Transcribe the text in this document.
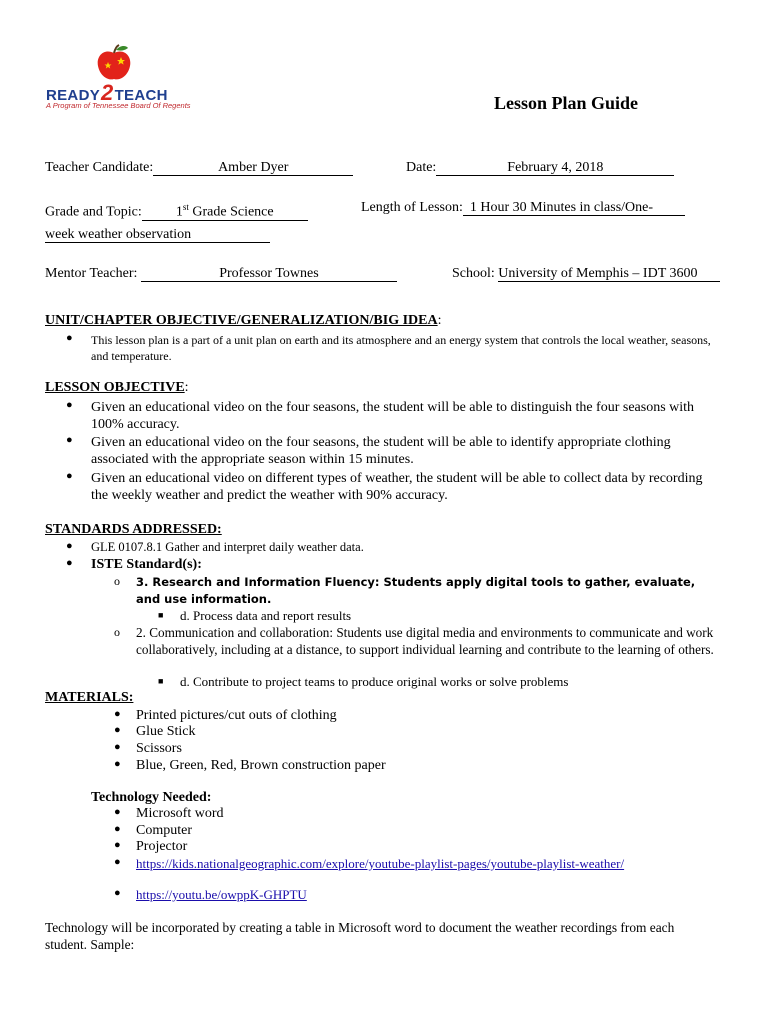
READY2TEACH
A Program of Tennessee Board Of Regents	Lesson Plan Guide
Teacher Candidate:	Amber Dyer	Date:	February 4, 2018
Grade and Topic: 1st Grade Science	Length of Lesson: 1 Hour 30 Minutes in class/One-
week weather observation
Mentor Teacher:	Professor Townes	School: University of Memphis – IDT 3600
UNIT/CHAPTER OBJECTIVE/GENERALIZATION/BIG IDEA:
● This lesson plan is a part of a unit plan on earth and its atmosphere and an energy system that controls the local weather, seasons, and temperature.
LESSON OBJECTIVE:
● Given an educational video on the four seasons, the student will be able to distinguish the four seasons with 100% accuracy.
● Given an educational video on the four seasons, the student will be able to identify appropriate clothing associated with the appropriate season within 15 minutes.
● Given an educational video on different types of weather, the student will be able to collect data by recording the weekly weather and predict the weather with 90% accuracy.
STANDARDS ADDRESSED:
● GLE 0107.8.1 Gather and interpret daily weather data.
● ISTE Standard(s):
o 3. Research and Information Fluency: Students apply digital tools to gather, evaluate, and use information.
■ d. Process data and report results
o 2. Communication and collaboration: Students use digital media and environments to communicate and work collaboratively, including at a distance, to support individual learning and contribute to the learning of others.
■ d. Contribute to project teams to produce original works or solve problems
MATERIALS:
● Printed pictures/cut outs of clothing
● Glue Stick
● Scissors
● Blue, Green, Red, Brown construction paper
Technology Needed:
● Microsoft word
● Computer
● Projector
● https://kids.nationalgeographic.com/explore/youtube-playlist-pages/youtube-playlist-weather/
● https://youtu.be/owppK-GHPTU
Technology will be incorporated by creating a table in Microsoft word to document the weather recordings from each student. Sample:
